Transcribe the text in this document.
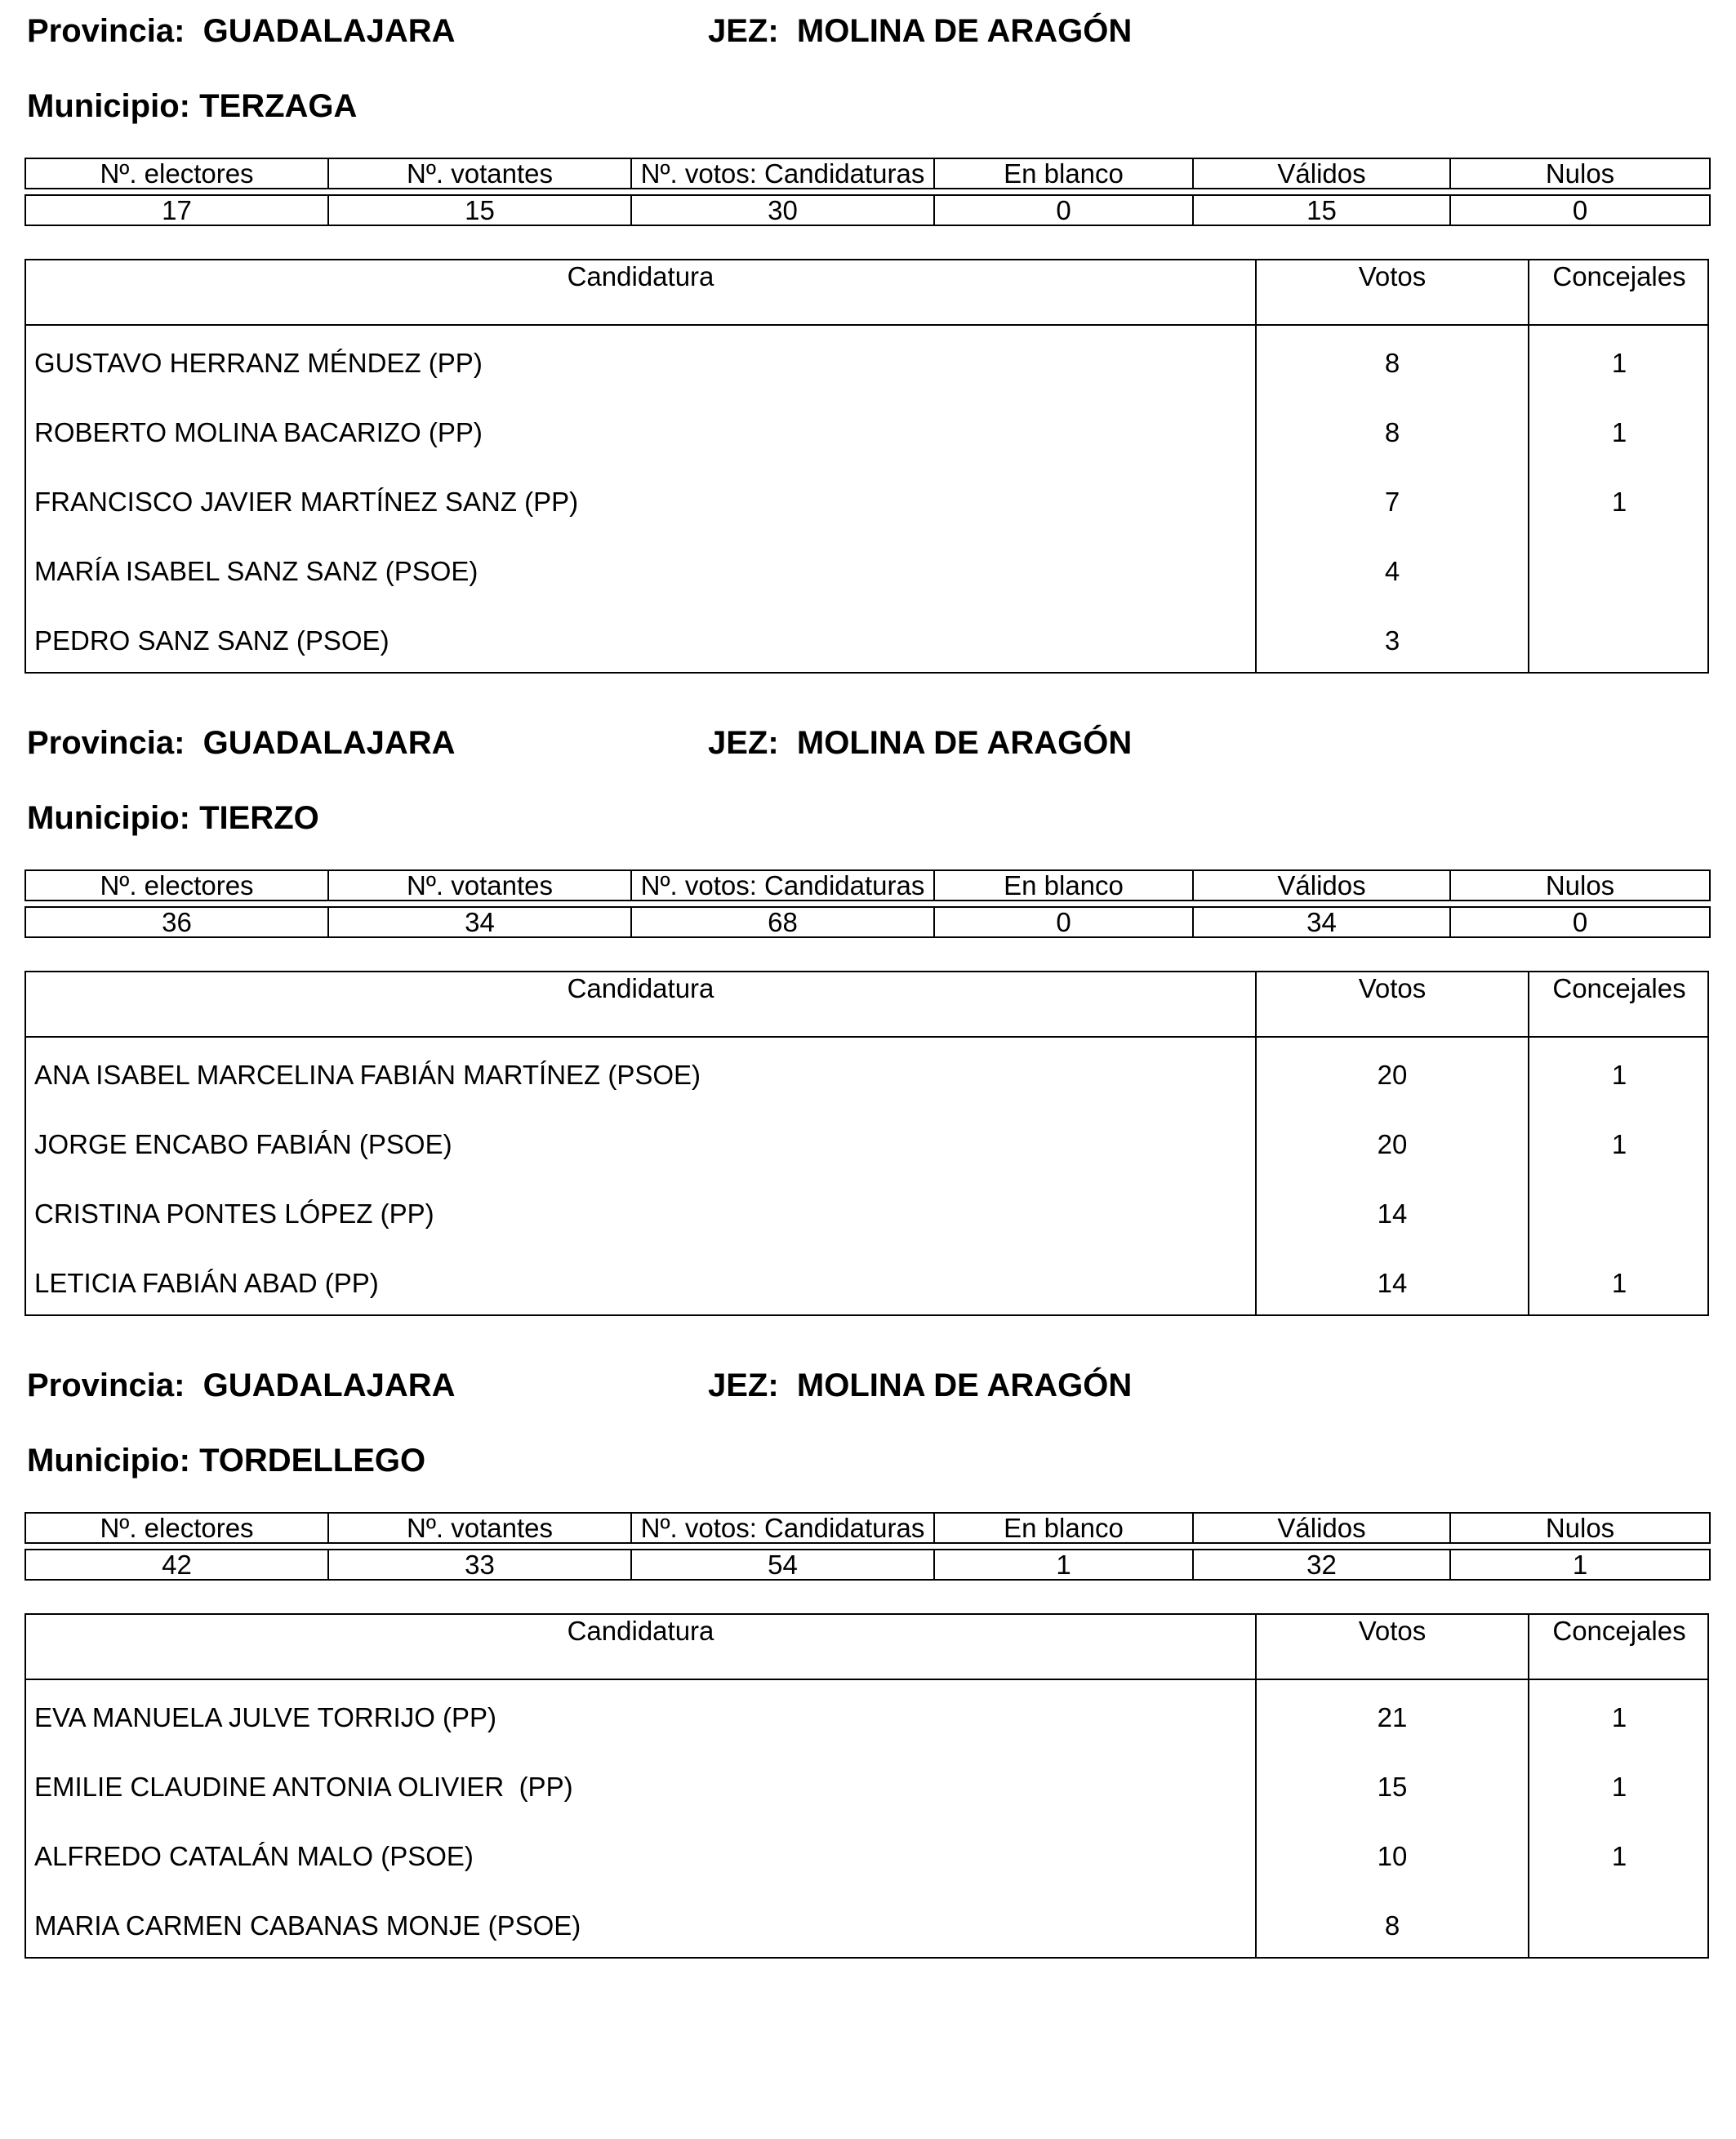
Provincia:  GUADALAJARA	JEZ:  MOLINA DE ARAGÓN
Municipio: TERZAGA
Nº. electores	Nº. votantes	Nº. votos: Candidaturas	En blanco	Válidos	Nulos

17	15	30	0	15	0
Candidatura	Votos	Concejales
GUSTAVO HERRANZ MÉNDEZ (PP)	8	1
ROBERTO MOLINA BACARIZO (PP)	8	1
FRANCISCO JAVIER MARTÍNEZ SANZ (PP)	7	1
MARÍA ISABEL SANZ SANZ (PSOE)	4
PEDRO SANZ SANZ (PSOE)	3
Provincia:  GUADALAJARA	JEZ:  MOLINA DE ARAGÓN
Municipio: TIERZO
Nº. electores	Nº. votantes	Nº. votos: Candidaturas	En blanco	Válidos	Nulos

36	34	68	0	34	0
Candidatura	Votos	Concejales
ANA ISABEL MARCELINA FABIÁN MARTÍNEZ (PSOE)	20	1
JORGE ENCABO FABIÁN (PSOE)	20	1
CRISTINA PONTES LÓPEZ (PP)	14
LETICIA FABIÁN ABAD (PP)	14	1
Provincia:  GUADALAJARA	JEZ:  MOLINA DE ARAGÓN
Municipio: TORDELLEGO
Nº. electores	Nº. votantes	Nº. votos: Candidaturas	En blanco	Válidos	Nulos

42	33	54	1	32	1
Candidatura	Votos	Concejales
EVA MANUELA JULVE TORRIJO (PP)	21	1
EMILIE CLAUDINE ANTONIA OLIVIER  (PP)	15	1
ALFREDO CATALÁN MALO (PSOE)	10	1
MARIA CARMEN CABANAS MONJE (PSOE)	8
